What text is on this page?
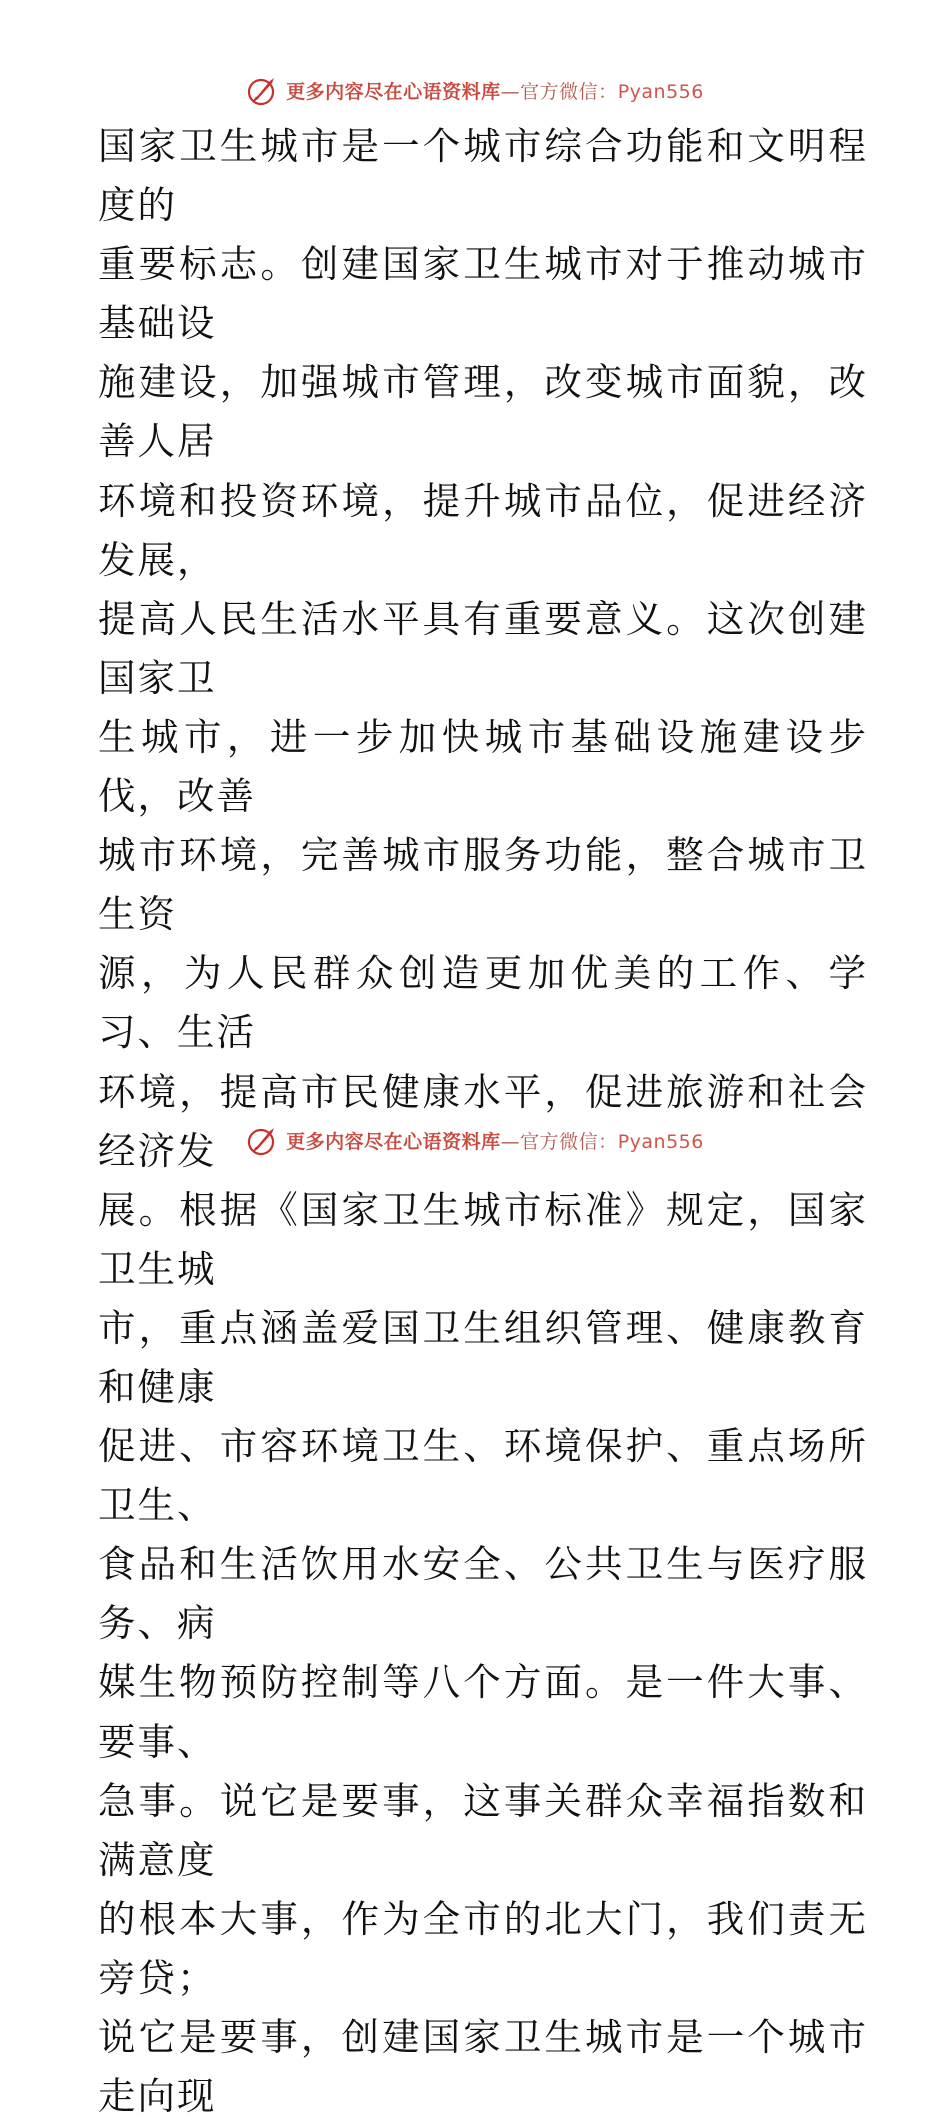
更多内容尽在心语资料库—官方微信：Pyan556

国家卫生城市是一个城市综合功能和文明程度的
重要标志。创建国家卫生城市对于推动城市基础设
施建设，加强城市管理，改变城市面貌，改善人居
环境和投资环境，提升城市品位，促进经济发展，
提高人民生活水平具有重要意义。这次创建国家卫
生城市，进一步加快城市基础设施建设步伐，改善
城市环境，完善城市服务功能，整合城市卫生资
源，为人民群众创造更加优美的工作、学习、生活
环境，提高市民健康水平，促进旅游和社会经济发
展。根据《国家卫生城市标准》规定，国家卫生城
市，重点涵盖爱国卫生组织管理、健康教育和健康
促进、市容环境卫生、环境保护、重点场所卫生、
食品和生活饮用水安全、公共卫生与医疗服务、病
媒生物预防控制等八个方面。是一件大事、要事、
急事。说它是要事，这事关群众幸福指数和满意度
的根本大事，作为全市的北大门，我们责无旁贷；
说它是要事，创建国家卫生城市是一个城市走向现

更多内容尽在心语资料库—官方微信：Pyan556
